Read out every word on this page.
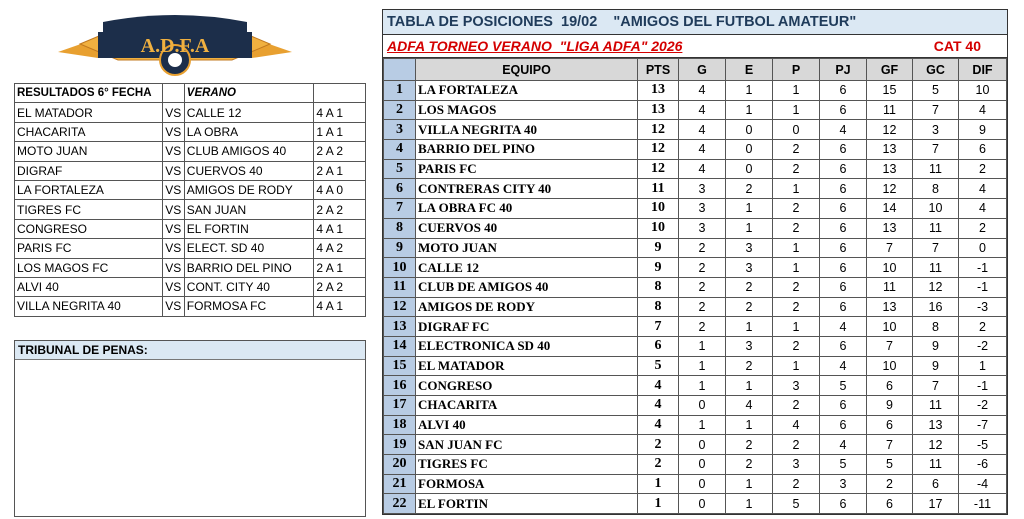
A.D.F.A
RESULTADOS 6° FECHA		VERANO	
EL MATADOR	VS	CALLE 12	4 A 1
CHACARITA	VS	LA OBRA	1 A 1
MOTO JUAN	VS	CLUB AMIGOS 40	2 A 2
DIGRAF	VS	CUERVOS 40	2 A 1
LA FORTALEZA	VS	AMIGOS DE RODY	4 A 0
TIGRES FC	VS	SAN JUAN	2 A 2
CONGRESO	VS	EL FORTIN	4 A 1
PARIS FC	VS	ELECT. SD 40	4 A 2
LOS MAGOS FC	VS	BARRIO DEL PINO	2 A 1
ALVI 40	VS	CONT. CITY 40	2 A 2
VILLA NEGRITA 40	VS	FORMOSA FC	4 A 1
TRIBUNAL DE PENAS:
TABLA DE POSICIONES  19/02    "AMIGOS DEL FUTBOL AMATEUR"
ADFA TORNEO VERANO  "LIGA ADFA" 2026	CAT 40
	EQUIPO	PTS	G	E	P	PJ	GF	GC	DIF
1	LA FORTALEZA	13	4	1	1	6	15	5	10
2	LOS MAGOS	13	4	1	1	6	11	7	4
3	VILLA NEGRITA 40	12	4	0	0	4	12	3	9
4	BARRIO DEL PINO	12	4	0	2	6	13	7	6
5	PARIS FC	12	4	0	2	6	13	11	2
6	CONTRERAS CITY 40	11	3	2	1	6	12	8	4
7	LA OBRA FC 40	10	3	1	2	6	14	10	4
8	CUERVOS 40	10	3	1	2	6	13	11	2
9	MOTO JUAN	9	2	3	1	6	7	7	0
10	CALLE 12	9	2	3	1	6	10	11	-1
11	CLUB DE AMIGOS 40	8	2	2	2	6	11	12	-1
12	AMIGOS DE RODY	8	2	2	2	6	13	16	-3
13	DIGRAF FC	7	2	1	1	4	10	8	2
14	ELECTRONICA SD 40	6	1	3	2	6	7	9	-2
15	EL MATADOR	5	1	2	1	4	10	9	1
16	CONGRESO	4	1	1	3	5	6	7	-1
17	CHACARITA	4	0	4	2	6	9	11	-2
18	ALVI 40	4	1	1	4	6	6	13	-7
19	SAN JUAN FC	2	0	2	2	4	7	12	-5
20	TIGRES FC	2	0	2	3	5	5	11	-6
21	FORMOSA	1	0	1	2	3	2	6	-4
22	EL FORTIN	1	0	1	5	6	6	17	-11
